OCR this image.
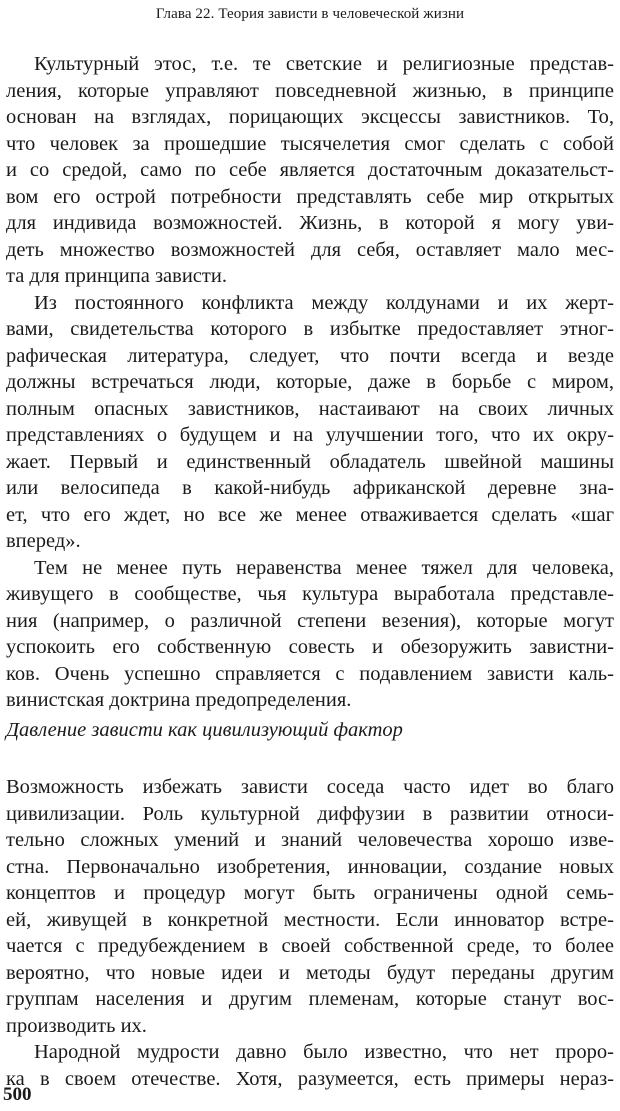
Глава 22. Теория зависти в человеческой жизни
Культурный этос, т.е. те светские и религиозные представ-
ления, которые управляют повседневной жизнью, в принципе
основан на взглядах, порицающих эксцессы завистников. То,
что человек за прошедшие тысячелетия смог сделать с собой
и со средой, само по себе является достаточным доказательст-
вом его острой потребности представлять себе мир открытых
для индивида возможностей. Жизнь, в которой я могу уви-
деть множество возможностей для себя, оставляет мало мес-
та для принципа зависти.
Из постоянного конфликта между колдунами и их жерт-
вами, свидетельства которого в избытке предоставляет этног-
рафическая литература, следует, что почти всегда и везде
должны встречаться люди, которые, даже в борьбе с миром,
полным опасных завистников, настаивают на своих личных
представлениях о будущем и на улучшении того, что их окру-
жает. Первый и единственный обладатель швейной машины
или велосипеда в какой-нибудь африканской деревне зна-
ет, что его ждет, но все же менее отваживается сделать «шаг
вперед».
Тем не менее путь неравенства менее тяжел для человека,
живущего в сообществе, чья культура выработала представле-
ния (например, о различной степени везения), которые могут
успокоить его собственную совесть и обезоружить завистни-
ков. Очень успешно справляется с подавлением зависти каль-
винистская доктрина предопределения.
Давление зависти как цивилизующий фактор
Возможность избежать зависти соседа часто идет во благо
цивилизации. Роль культурной диффузии в развитии относи-
тельно сложных умений и знаний человечества хорошо изве-
стна. Первоначально изобретения, инновации, создание новых
концептов и процедур могут быть ограничены одной семь-
ей, живущей в конкретной местности. Если инноватор встре-
чается с предубеждением в своей собственной среде, то более
вероятно, что новые идеи и методы будут переданы другим
группам населения и другим племенам, которые станут вос-
производить их.
Народной мудрости давно было известно, что нет проро-
ка в своем отечестве. Хотя, разумеется, есть примеры нераз-
500
